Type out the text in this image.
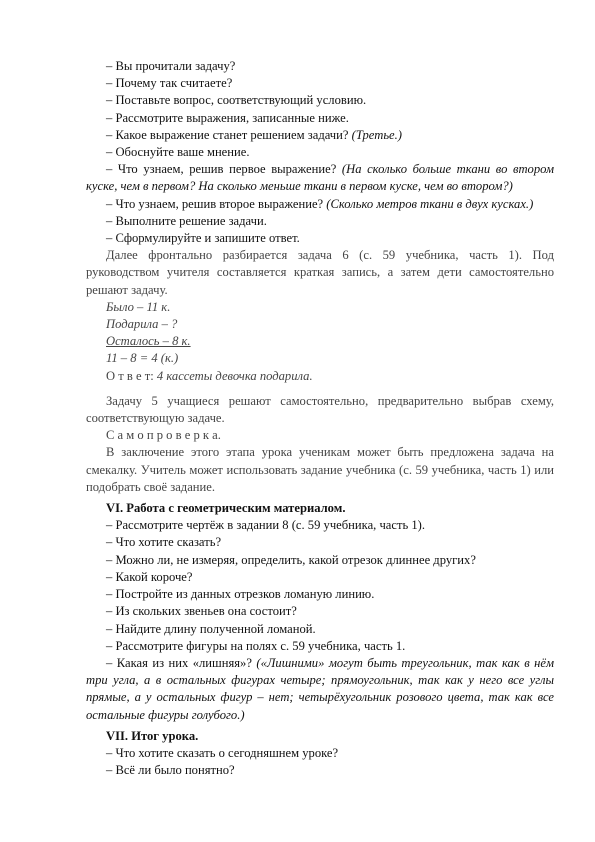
– Вы прочитали задачу?
– Почему так считаете?
– Поставьте вопрос, соответствующий условию.
– Рассмотрите выражения, записанные ниже.

– Какое выражение станет решением задачи? (Третье.)

– Обоснуйте ваше мнение.

– Что узнаем, решив первое выражение? (На сколько больше ткани во втором куске, чем в первом? На сколько меньше ткани в первом куске, чем во втором?)

– Что узнаем, решив второе выражение? (Сколько метров ткани в двух кусках.)

– Выполните решение задачи.
– Сформулируйте и запишите ответ.

Далее фронтально разбирается задача 6 (с. 59 учебника, часть 1). Под руководством учителя составляется краткая запись, а затем дети самостоятельно решают задачу.

Было – 11 к.
Подарила – ?
Осталось – 8 к.
11 – 8 = 4 (к.)
О т в е т: 4 кассеты девочка подарила.

Задачу 5 учащиеся решают самостоятельно, предварительно выбрав схему, соответствующую задаче.

С а м о п р о в е р к а.

В заключение этого этапа урока ученикам может быть предложена задача на смекалку. Учитель может использовать задание учебника (с. 59 учебника, часть 1) или подобрать своё задание.

VI. Работа с геометрическим материалом.
– Рассмотрите чертёж в задании 8 (с. 59 учебника, часть 1).
– Что хотите сказать?
– Можно ли, не измеряя, определить, какой отрезок длиннее других?
– Какой короче?
– Постройте из данных отрезков ломаную линию.
– Из скольких звеньев она состоит?
– Найдите длину полученной ломаной.
– Рассмотрите фигуры на полях с. 59 учебника, часть 1.

– Какая из них «лишняя»? («Лишними» могут быть треугольник, так как в нём три угла, а в остальных фигурах четыре; прямоугольник, так как у него все углы прямые, а у остальных фигур – нет; четырёхугольник розового цвета, так как все остальные фигуры голубого.)

VII. Итог урока.
– Что хотите сказать о сегодняшнем уроке?
– Всё ли было понятно?
